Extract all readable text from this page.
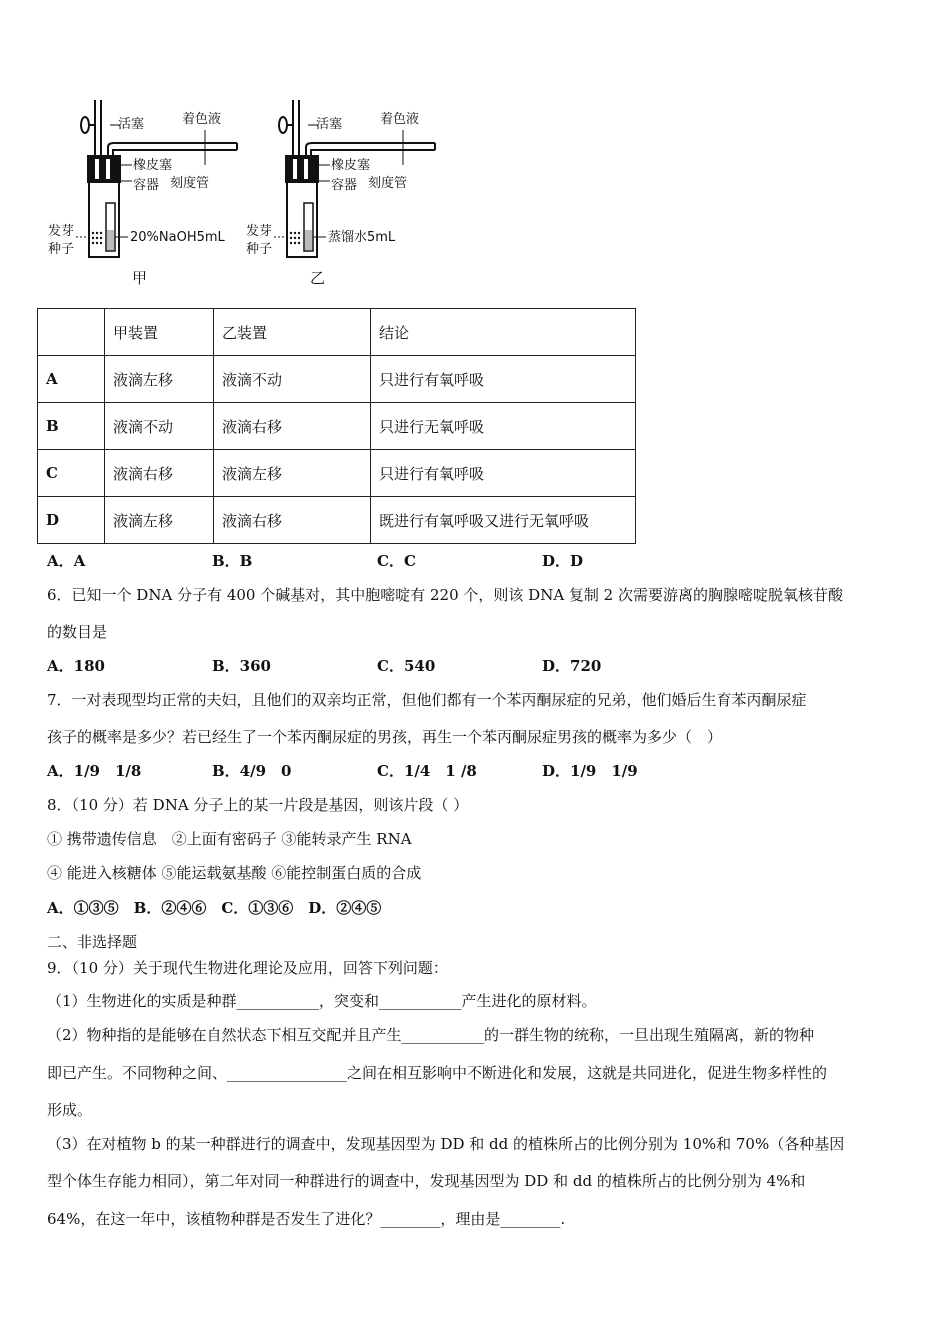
活塞	着色液
橡皮塞
容器 刻度管
发芽
种子
20%NaOH5mL
甲
活塞	着色液
橡皮塞
容器 刻度管
发芽
种子
蒸馏水5mL
乙
	甲装置	乙装置	结论
A	液滴左移	液滴不动	只进行有氧呼吸
B	液滴不动	液滴右移	只进行无氧呼吸
C	液滴右移	液滴左移	只进行有氧呼吸
D	液滴左移	液滴右移	既进行有氧呼吸又进行无氧呼吸
A．A	B．B	C．C	D．D
6．已知一个 DNA 分子有 400 个碱基对，其中胞嘧啶有 220 个，则该 DNA 复制 2 次需要游离的胸腺嘧啶脱氧核苷酸
的数目是
A．180	B．360	C．540	D．720
7．一对表现型均正常的夫妇，且他们的双亲均正常，但他们都有一个苯丙酮尿症的兄弟，他们婚后生育苯丙酮尿症
孩子的概率是多少？若已经生了一个苯丙酮尿症的男孩，再生一个苯丙酮尿症男孩的概率为多少（　）
A．1/9　1/8	B．4/9　0	C．1/4　1 /8	D．1/9　1/9
8．（10 分）若 DNA 分子上的某一片段是基因，则该片段（ ）
① 携带遗传信息　②上面有密码子 ③能转录产生 RNA
④ 能进入核糖体 ⑤能运载氨基酸 ⑥能控制蛋白质的合成
A．①③⑤　B．②④⑥　C．①③⑥　D．②④⑤
二、非选择题
9．（10 分）关于现代生物进化理论及应用，回答下列问题：
（1）生物进化的实质是种群___________，突变和___________产生进化的原材料。
（2）物种指的是能够在自然状态下相互交配并且产生___________的一群生物的统称，一旦出现生殖隔离，新的物种
即已产生。不同物种之间、________________之间在相互影响中不断进化和发展，这就是共同进化，促进生物多样性的
形成。
（3）在对植物 b 的某一种群进行的调查中，发现基因型为 DD 和 dd 的植株所占的比例分别为 10%和 70%（各种基因
型个体生存能力相同），第二年对同一种群进行的调查中，发现基因型为 DD 和 dd 的植株所占的比例分别为 4%和
64%，在这一年中，该植物种群是否发生了进化？________，理由是________.
